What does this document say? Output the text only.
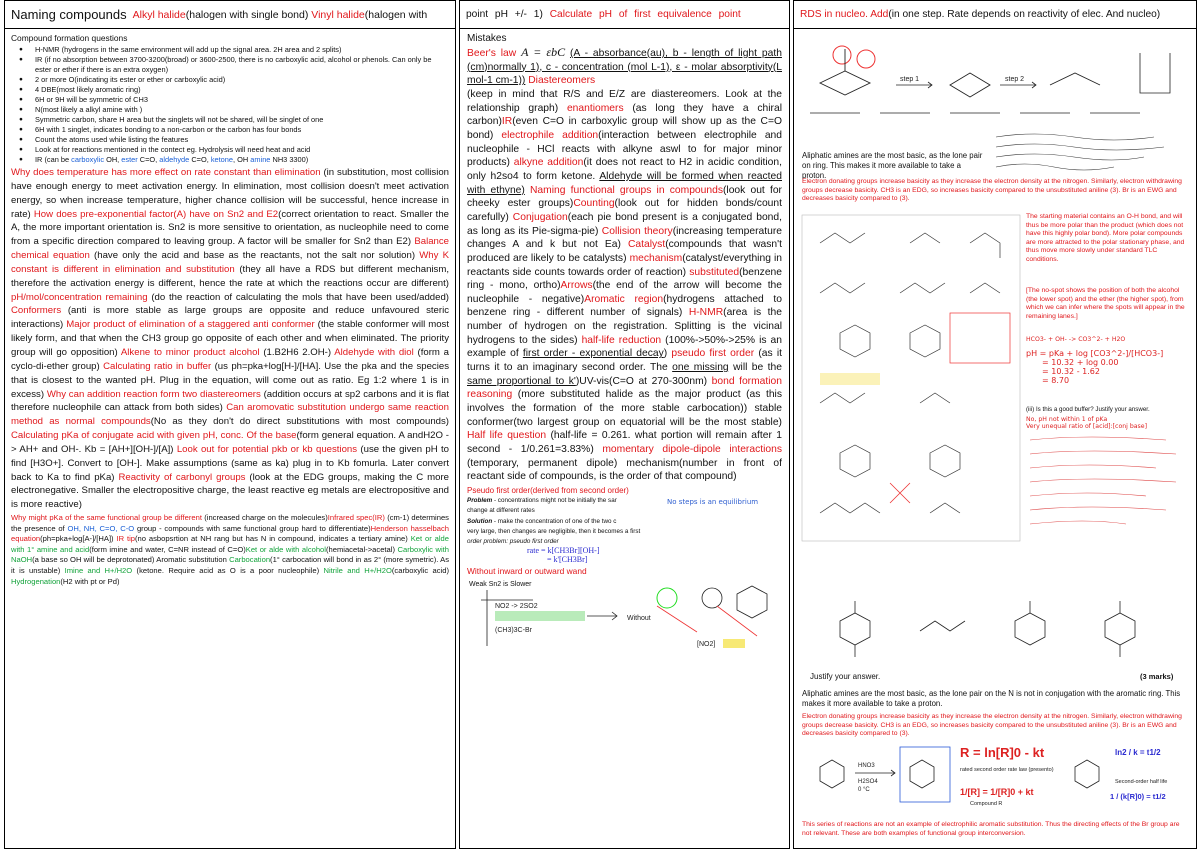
Naming compounds Alkyl halide (halogen with single bond)
Vinyl halide (halogen with
Compound formation questions
● H-NMR (hydrogens in the same environment will add up the signal area. 2H area and 2 splits)
● IR (if no absorption between 3700-3200(broad) or 3600-2500, there is no carboxylic acid, alcohol or phenols. Can only be ester or ether if there is an extra oxygen)
● 2 or more O(indicating its ester or ether or carboxylic acid)
● 4 DBE(most likely aromatic ring)
● 6H or 9H will be symmetric of CH3
● N(most likely a alkyl amine with )
● Symmetric carbon, share H area but the singlets will not be shared, will be singlet of one
● 6H with 1 singlet, indicates bonding to a non-carbon or the carbon has four bonds
● Count the atoms used while listing the features
● Look at for reactions mentioned in the contect eg. Hydrolysis will need heat and acid
● IR (can be carboxylic OH, ester C=O, aldehyde C=O, ketone, OH amine NH3 3300)
Why does temperature has more effect on rate constant than elimination (in substitution, most collision have enough energy to meet activation energy. In elimination, most collision doesn't meet activation energy, so when increase temperature, higher chance collision will be successful, hence increase in rate) How does pre-exponential factor(A) have on Sn2 and E2(correct orientation to react. Smaller the A, the more important orientation is. Sn2 is more sensitive to orientation, as nucleophile need to come from a specific direction compared to leaving group. A factor will be smaller for Sn2 than E2) Balance chemical equation (have only the acid and base as the reactants, not the salt nor solution) Why K constant is different in elimination and substitution (they all have a RDS but different mechanism, therefore the activation energy is different, hence the rate at which the reactions occur are different) pH/mol/concentration remaining (do the reaction of calculating the mols that have been used/added) Conformers (anti is more stable as large groups are opposite and reduce unfavoured steric interactions) Major product of elimination of a staggered anti conformer (the stable conformer will most likely form, and that when the CH3 group go opposite of each other and when eliminated. The priority group will go opposition) Alkene to minor product alcohol (1.B2H6 2.OH-) Aldehyde with diol (form a cyclo-di-ether group) Calculating ratio in buffer (us ph=pka+log[H-]/[HA]. Use the pka and the species that is closest to the wanted pH. Plug in the equation, will come out as ratio. Eg 1:2 where 1 is in excess) Why can addition reaction form two diastereomers (addition occurs at sp2 carbons and it is flat therefore nucleophile can attack from both sides) Can aromovatic substitution undergo same reaction method as normal compounds(No as they don't do direct substitutions with most compounds) Calculating pKa of conjugate acid with given pH, conc. Of the base(form general equation. A andH2O -> AH+ and OH-. Kb = [AH+][OH-]/[A]) Look out for potential pkb or kb questions (use the given pH to find [H3O+]. Convert to [OH-]. Make assumptions (same as ka) plug in to Kb fomurla. Later convert back to Ka to find pKa) Reactivity of carbonyl groups (look at the EDG groups, making the C more electronegative. Smaller the electropositive charge, the least reactive eg metals are electropositive and is more reactive)
Why might pKa of the same functional group be different (increased charge on the molecules)Infrared spec(IR) (cm-1) determines the presence of OH, NH, C=O, C-O group - compounds with same functional group hard to differentiate)Henderson hasselbach equation(ph=pka+log[A-]/[HA]) IR tip(no asbopsrtion at NH rang but has N in compound, indicates a tertiary amine) Ket or alde with 1° amine and acid(form imine and water, C=NR instead of C=O)Ket or alde with alcohol(hemiacetal->acetal) Carboxylic with NaOH(a base so OH will be deprotonated) Aromatic substitution Carbocation(1° carbocation will bond in as 2° (more symetric). As it is unstable) Imine and H+/H2O (ketone. Require acid as O is a poor nucleophile) Nitrile and H+/H2O(carboxylic acid) Hydrogenation(H2 with pt or Pd)
point pH +/- 1)
Calculate pH of first equivalence point
Mistakes
Beer's law A = εbC (A - absorbance(au), b - length of light path (cm)normally 1), c - concentration (mol L-1), ε - molar absorptivity(L mol-1 cm-1)) Diastereomers
(keep in mind that R/S and E/Z are diastereomers. Look at the relationship graph) enantiomers (as long they have a chiral carbon)IR(even C=O in carboxylic group will show up as the C=O bond) electrophile addition(interaction between electrophile and nucleophile - HCl reacts with alkyne aswl to for major minor products) alkyne addition(it does not react to H2 in acidic condition, only h2so4 to form ketone. Aldehyde will be formed when reacted with ethyne) Naming functional groups in compounds(look out for cheeky ester groups)Counting(look out for hidden bonds/count carefully) Conjugation(each pie bond present is a conjugated bond, as long as its Pie-sigma-pie) Collision theory(increasing temperature changes A and k but not Ea) Catalyst(compounds that wasn't produced are likely to be catalysts) mechanism(catalyst/everything in reactants side counts towards order of reaction) substituted(benzene ring - mono, ortho)Arrows(the end of the arrow will become the nucleophile - negative)Aromatic region(hydrogens attached to benzene ring - different number of signals) H-NMR(area is the number of hydrogen on the registration. Splitting is the vicinal hydrogens to the sides) half-life reduction (100%->50%->25% is an example of first order - exponential decay) pseudo first order (as it turns it to an imaginary second order. The one missing will be the same proportional to k')UV-vis(C=O at 270-300nm) bond formation reasoning (more substituted halide as the major product (as this involves the formation of the more stable carbocation)) stable conformer(two largest group on equatorial will be the most stable) Half life question (half-life = 0.261. what portion will remain after 1 second - 1/0.261=3.83%) momentary dipole-dipole interactions (temporary, permanent dipole) mechanism(number in front of reactant side of compounds, is the order of that compound)
Pseudo first order(derived from second order)
Problem - concentrations might not be initially the sar
change at different rates
Solution - make the concentration of one of the two c
very large, then changes are negligible, then it becomes a first
order problem: pseudo first order
rate = k[CH3Br][OH-]
= k'[CH3Br]
Without inward or outward wand
No steps is an equilibrium
Weak Sn2 is Slower
NO2 -> 2SO2
(CH3)3C-Br
Without
[NO2]
RDS in nucleo. Add (in one step. Rate depends on reactivity of elec. And nucleo)
step 1	step 2
Aliphatic amines are the most basic, as the lone pair on ring. This makes it more available to take a proton.
Electron donating groups increase basicity as they increase the electron density at the nitrogen. Similarly, electron withdrawing groups decrease basicity. CH3 is an EDG, so increases basicity compared to the unsubstituted aniline (3). Br is an EWG and decreases basicity compared to (3).
The starting material contains an O-H bond, and will thus be more polar than the product (which does not have this highly polar bond). More polar compounds are more attracted to the polar stationary phase, and thus move more slowly under standard TLC conditions.
[The no-spot shows the position of both the alcohol (the lower spot) and the ether (the higher spot), from which we can infer where the spots will appear in the remaining lanes.]
HCO3- + OH- -> CO3^2- + H2O
pH = pKa + log [CO3^2-]/[HCO3-]
= 10.32 + log 0.00
= 10.32 - 1.62
= 8.70
(iii) Is this a good buffer? Justify your answer.
No, pH not within 1 of pKa
Very unequal ratio of [acid]:[conj base]
Justify your answer.	(3 marks)
Aliphatic amines are the most basic, as the lone pair on the N is not in conjugation with the aromatic ring. This makes it more available to take a proton.
Electron donating groups increase basicity as they increase the electron density at the nitrogen. Similarly, electron withdrawing groups decrease basicity. CH3 is an EDG, so increases basicity compared to the unsubstituted aniline (3). Br is an EWG and decreases basicity compared to (3).
HNO3
H2SO4
0 °C
R = ln[R]0 - kt	ln2 / k = t1/2
rated second order rate law (presento)
1/[R] = 1/[R]0 + kt
Compound R
Second-order half life
1 / (k[R]0) = t1/2
This series of reactions are not an example of electrophilic aromatic substitution. Thus the directing effects of the Br group are not relevant. These are both examples of functional group interconversion.
